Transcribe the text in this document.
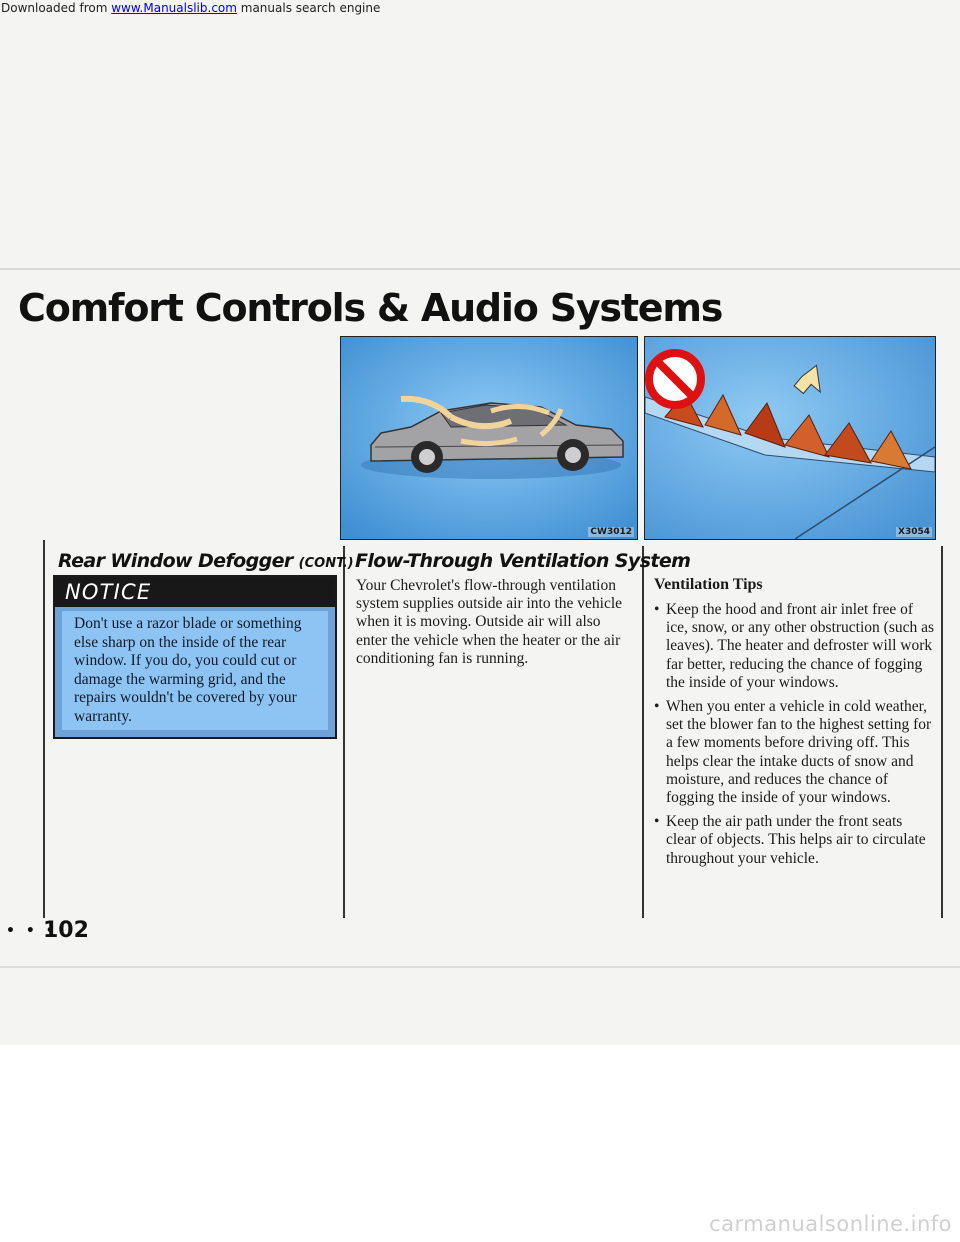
Downloaded from www.Manualslib.com manuals search engine

Comfort Controls & Audio Systems
CW3012	X3054
Rear Window Defogger (CONT.)
NOTICE
Don't use a razor blade or something else sharp on the inside of the rear window. If you do, you could cut or damage the warming grid, and the repairs wouldn't be covered by your warranty.
Flow-Through Ventilation System

Your Chevrolet's flow-through ventilation system supplies outside air into the vehicle when it is moving. Outside air will also enter the vehicle when the heater or the air conditioning fan is running.

Ventilation Tips
• Keep the hood and front air inlet free of ice, snow, or any other obstruction (such as leaves). The heater and defroster will work far better, reducing the chance of fogging the inside of your windows.
• When you enter a vehicle in cold weather, set the blower fan to the highest setting for a few moments before driving off. This helps clear the intake ducts of snow and moisture, and reduces the chance of fogging the inside of your windows.
• Keep the air path under the front seats clear of objects. This helps air to circulate throughout your vehicle.
• • •
102

carmanualsonline.info
